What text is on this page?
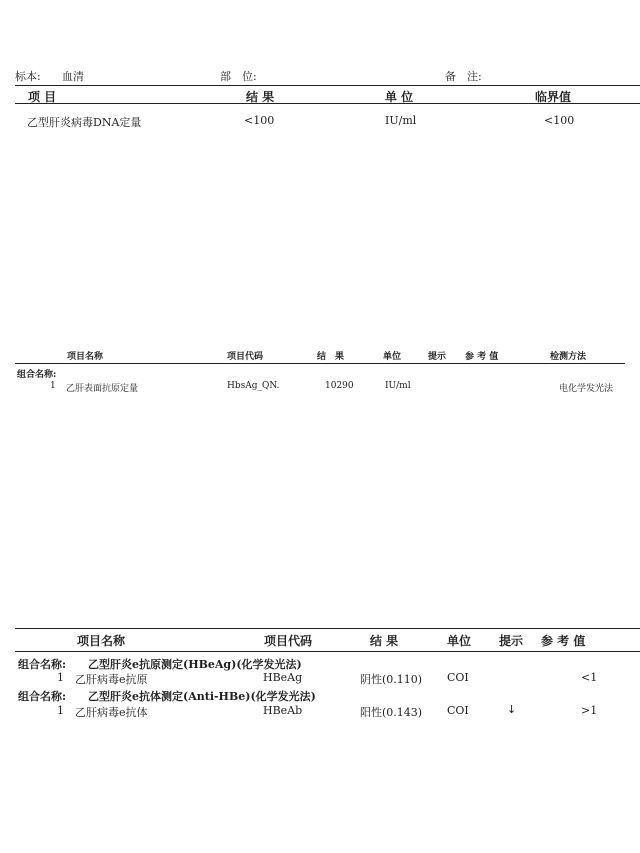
标本: 血清	部　位:	备　注:
项 目	结 果	单 位	临界值
乙型肝炎病毒DNA定量	<100	IU/ml	<100
项目名称	项目代码	结　果	单位	提示 参 考 值	检测方法
组合名称:
1 乙肝表面抗原定量	HbsAg_QN.	10290	IU/ml	电化学发光法
项目名称	项目代码	结 果	单位 提示 参 考 值
组合名称: 乙型肝炎e抗原测定(HBeAg)(化学发光法)
1 乙肝病毒e抗原	HBeAg	阴性(0.110) COI	<1
组合名称: 乙型肝炎e抗体测定(Anti-HBe)(化学发光法)
1 乙肝病毒e抗体	HBeAb	阳性(0.143) COI	↓	>1
